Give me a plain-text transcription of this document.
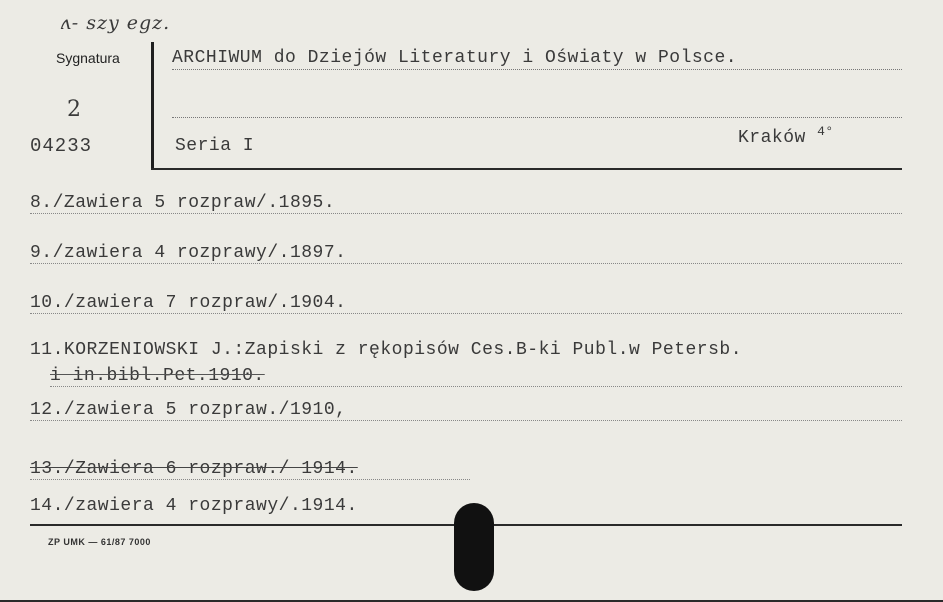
ʌ- szy egz.
Sygnatura
2
04233
ARCHIWUM do Dziejów Literatury i Oświaty w Polsce.
Seria I	Kraków $^{4^\circ}$
8./Zawiera 5 rozpraw/.1895.
9./zawiera 4 rozprawy/.1897.
10./zawiera 7 rozpraw/.1904.
11.KORZENIOWSKI J.:Zapiski z rękopisów Ces.B-ki Publ.w Petersb.
i in.bibl.Pet.1910.
12./zawiera 5 rozpraw./1910,
13./Zawiera 6 rozpraw./ 1914.
14./zawiera 4 rozprawy/.1914.
ZP UMK — 61/87 7000
